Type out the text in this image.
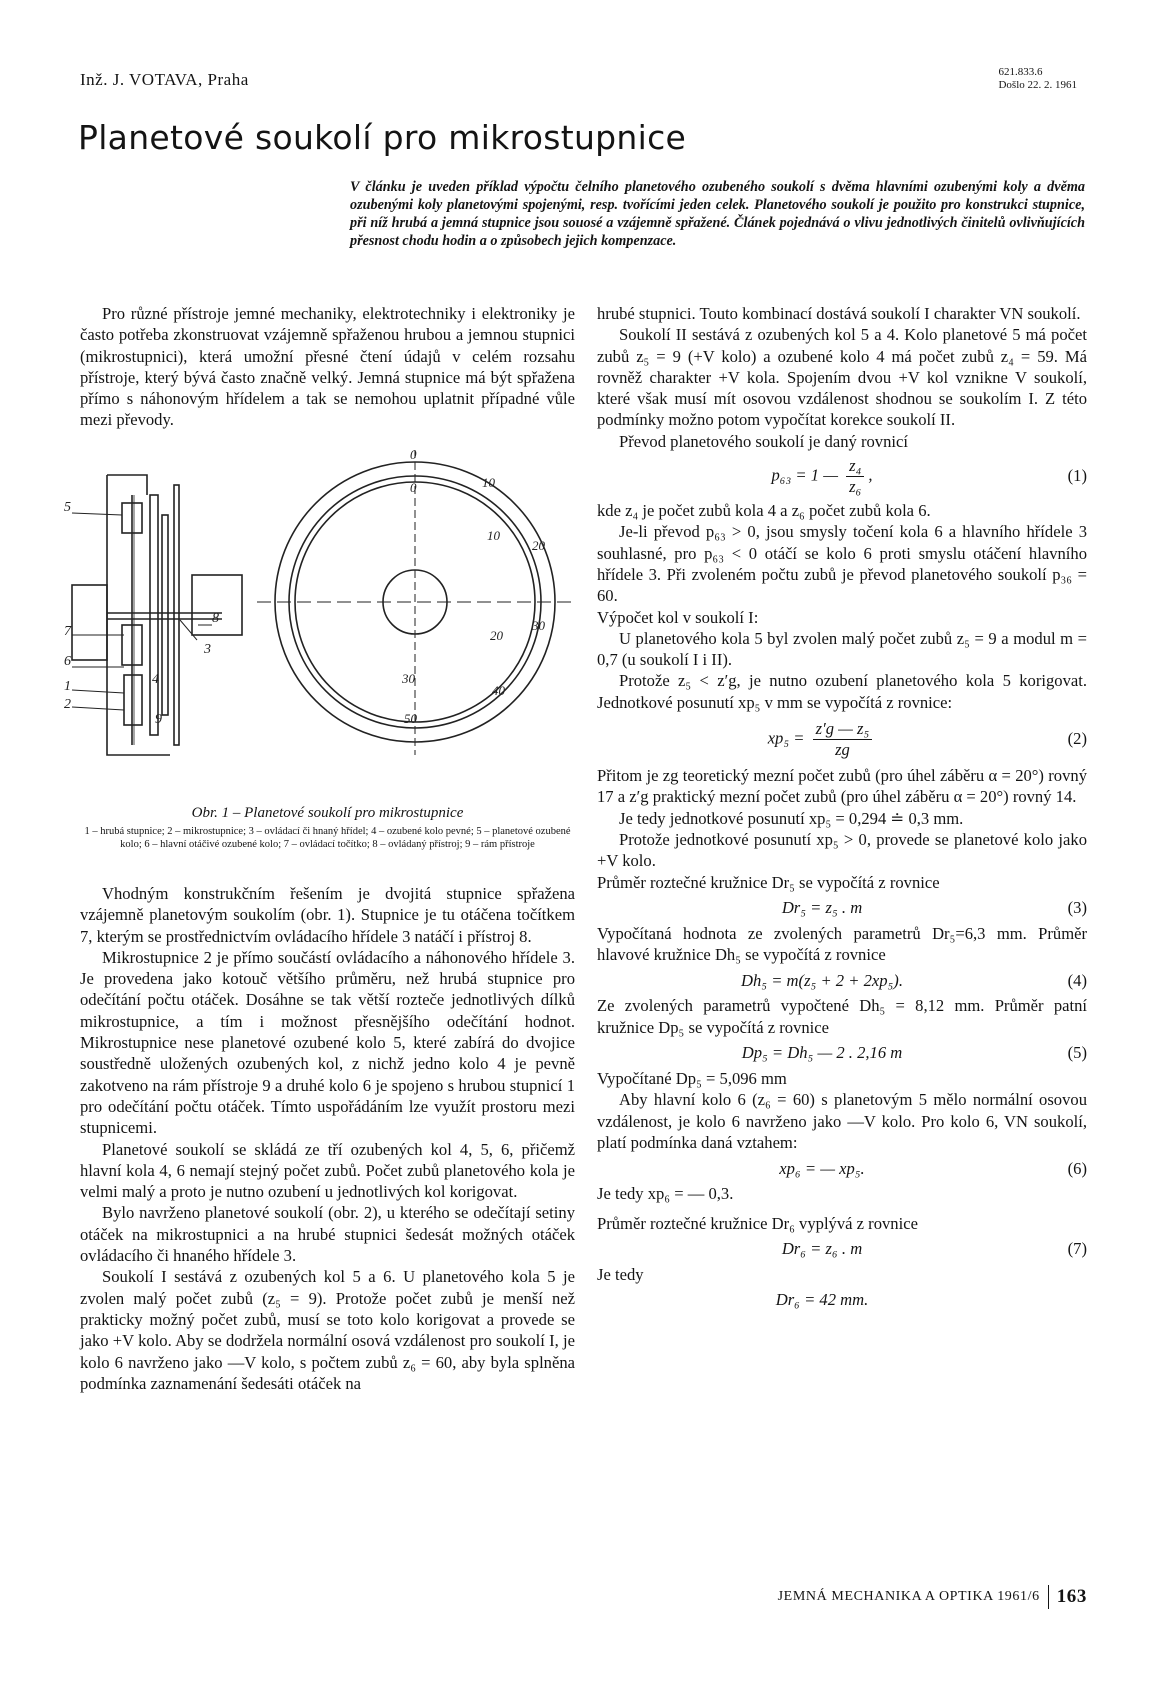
Inž. J. VOTAVA, Praha	621.833.6
Došlo 22. 2. 1961
Planetové soukolí pro mikrostupnice

V článku je uveden příklad výpočtu čelního planetového ozubeného soukolí s dvěma hlavními ozubenými koly a dvěma ozubenými koly planetovými spojenými, resp. tvořícími jeden celek. Planetového soukolí je použito pro konstrukci stupnice, při níž hrubá a jemná stupnice jsou souosé a vzájemně spřažené. Článek pojednává o vlivu jednotlivých činitelů ovlivňujících přesnost chodu hodin a o způsobech jejich kompenzace.

Pro různé přístroje jemné mechaniky, elektrotechniky i elektroniky je často potřeba zkonstruovat vzájemně spřaženou hrubou a jemnou stupnici (mikrostupnici), která umožní přesné čtení údajů v celém rozsahu přístroje, který bývá často značně velký. Jemná stupnice má být spřažena přímo s náhonovým hřídelem a tak se nemohou uplatnit případné vůle mezi převody.

5
7
6
1
2
8
3
4
9
0
0	10
20
10
30
20
40
30
50
Obr. 1 – Planetové soukolí pro mikrostupnice
1 – hrubá stupnice; 2 – mikrostupnice; 3 – ovládací či hnaný hřídel; 4 – ozubené kolo pevné; 5 – planetové ozubené kolo; 6 – hlavní otáčivé ozubené kolo; 7 – ovládací točítko; 8 – ovládaný přístroj; 9 – rám přístroje

Vhodným konstrukčním řešením je dvojitá stupnice spřažena vzájemně planetovým soukolím (obr. 1). Stupnice je tu otáčena točítkem 7, kterým se prostřednictvím ovládacího hřídele 3 natáčí i přístroj 8.

Mikrostupnice 2 je přímo součástí ovládacího a náhonového hřídele 3. Je provedena jako kotouč většího průměru, než hrubá stupnice pro odečítání počtu otáček. Dosáhne se tak větší rozteče jednotlivých dílků mikrostupnice, a tím i možnost přesnějšího odečítání hodnot. Mikrostupnice nese planetové ozubené kolo 5, které zabírá do dvojice soustředně uložených ozubených kol, z nichž jedno kolo 4 je pevně zakotveno na rám přístroje 9 a druhé kolo 6 je spojeno s hrubou stupnicí 1 pro odečítání počtu otáček. Tímto uspořádáním lze využít prostoru mezi stupnicemi.

Planetové soukolí se skládá ze tří ozubených kol 4, 5, 6, přičemž hlavní kola 4, 6 nemají stejný počet zubů. Počet zubů planetového kola je velmi malý a proto je nutno ozubení u jednotlivých kol korigovat.

Bylo navrženo planetové soukolí (obr. 2), u kterého se odečítají setiny otáček na mikrostupnici a na hrubé stupnici šedesát možných otáček ovládacího či hnaného hřídele 3.

Soukolí I sestává z ozubených kol 5 a 6. U planetového kola 5 je zvolen malý počet zubů (z₅ = 9). Protože počet zubů je menší než prakticky možný počet zubů, musí se toto kolo korigovat a provede se jako +V kolo. Aby se dodržela normální osová vzdálenost pro soukolí I, je kolo 6 navrženo jako —V kolo, s počtem zubů z₆ = 60, aby byla splněna podmínka zaznamenání šedesáti otáček na

hrubé stupnici. Touto kombinací dostává soukolí I charakter VN soukolí.

Soukolí II sestává z ozubených kol 5 a 4. Kolo planetové 5 má počet zubů z₅ = 9 (+V kolo) a ozubené kolo 4 má počet zubů z₄ = 59. Má rovněž charakter +V kola. Spojením dvou +V kol vznikne V soukolí, které však musí mít osovou vzdálenost shodnou se soukolím I. Z této podmínky možno potom vypočítat korekce soukolí II.

Převod planetového soukolí je daný rovnicí

p₆₃ = 1 — $\frac{\text{z₄}}{\text{z₆}}$ ,	(1)

kde z₄ je počet zubů kola 4 a z₆ počet zubů kola 6.

Je-li převod p₆₃ > 0, jsou smysly točení kola 6 a hlavního hřídele 3 souhlasné, pro p₆₃ < 0 otáčí se kolo 6 proti smyslu otáčení hlavního hřídele 3. Při zvoleném počtu zubů je převod planetového soukolí p₃₆ = 60.

Výpočet kol v soukolí I:

U planetového kola 5 byl zvolen malý počet zubů z₅ = 9 a modul m = 0,7 (u soukolí I i II).

Protože z₅ < z′g, je nutno ozubení planetového kola 5 korigovat. Jednotkové posunutí xp₅ v mm se vypočítá z rovnice:

$xp_5 = \frac{\text{z′g — z₅}}{zg}$	(2)

Přitom je zg teoretický mezní počet zubů (pro úhel záběru α = 20°) rovný 17 a z′g praktický mezní počet zubů (pro úhel záběru α = 20°) rovný 14.

Je tedy jednotkové posunutí xp₅ = 0,294 ≐ 0,3 mm.

Protože jednotkové posunutí xp₅ > 0, provede se planetové kolo jako +V kolo.

Průměr roztečné kružnice Dr₅ se vypočítá z rovnice

Dr₅ = z₅ . m	(3)

Vypočítaná hodnota ze zvolených parametrů Dr₅=6,3 mm. Průměr hlavové kružnice Dh₅ se vypočítá z rovnice

Dh₅ = m(z₅ + 2 + 2xp₅).	(4)

Ze zvolených parametrů vypočtené Dh₅ = 8,12 mm. Průměr patní kružnice Dp₅ se vypočítá z rovnice

Dp₅ = Dh₅ — 2 . 2,16 m	(5)

Vypočítané Dp₅ = 5,096 mm

Aby hlavní kolo 6 (z₆ = 60) s planetovým 5 mělo normální osovou vzdálenost, je kolo 6 navrženo jako —V kolo. Pro kolo 6, VN soukolí, platí podmínka daná vztahem:

xp₆ = — xp₅.	(6)

Je tedy xp₆ = — 0,3.

Průměr roztečné kružnice Dr₆ vyplývá z rovnice

Dr₆ = z₆ . m	(7)

Je tedy

Dr₆ = 42 mm.
JEMNÁ MECHANIKA A OPTIKA 1961/6 163
